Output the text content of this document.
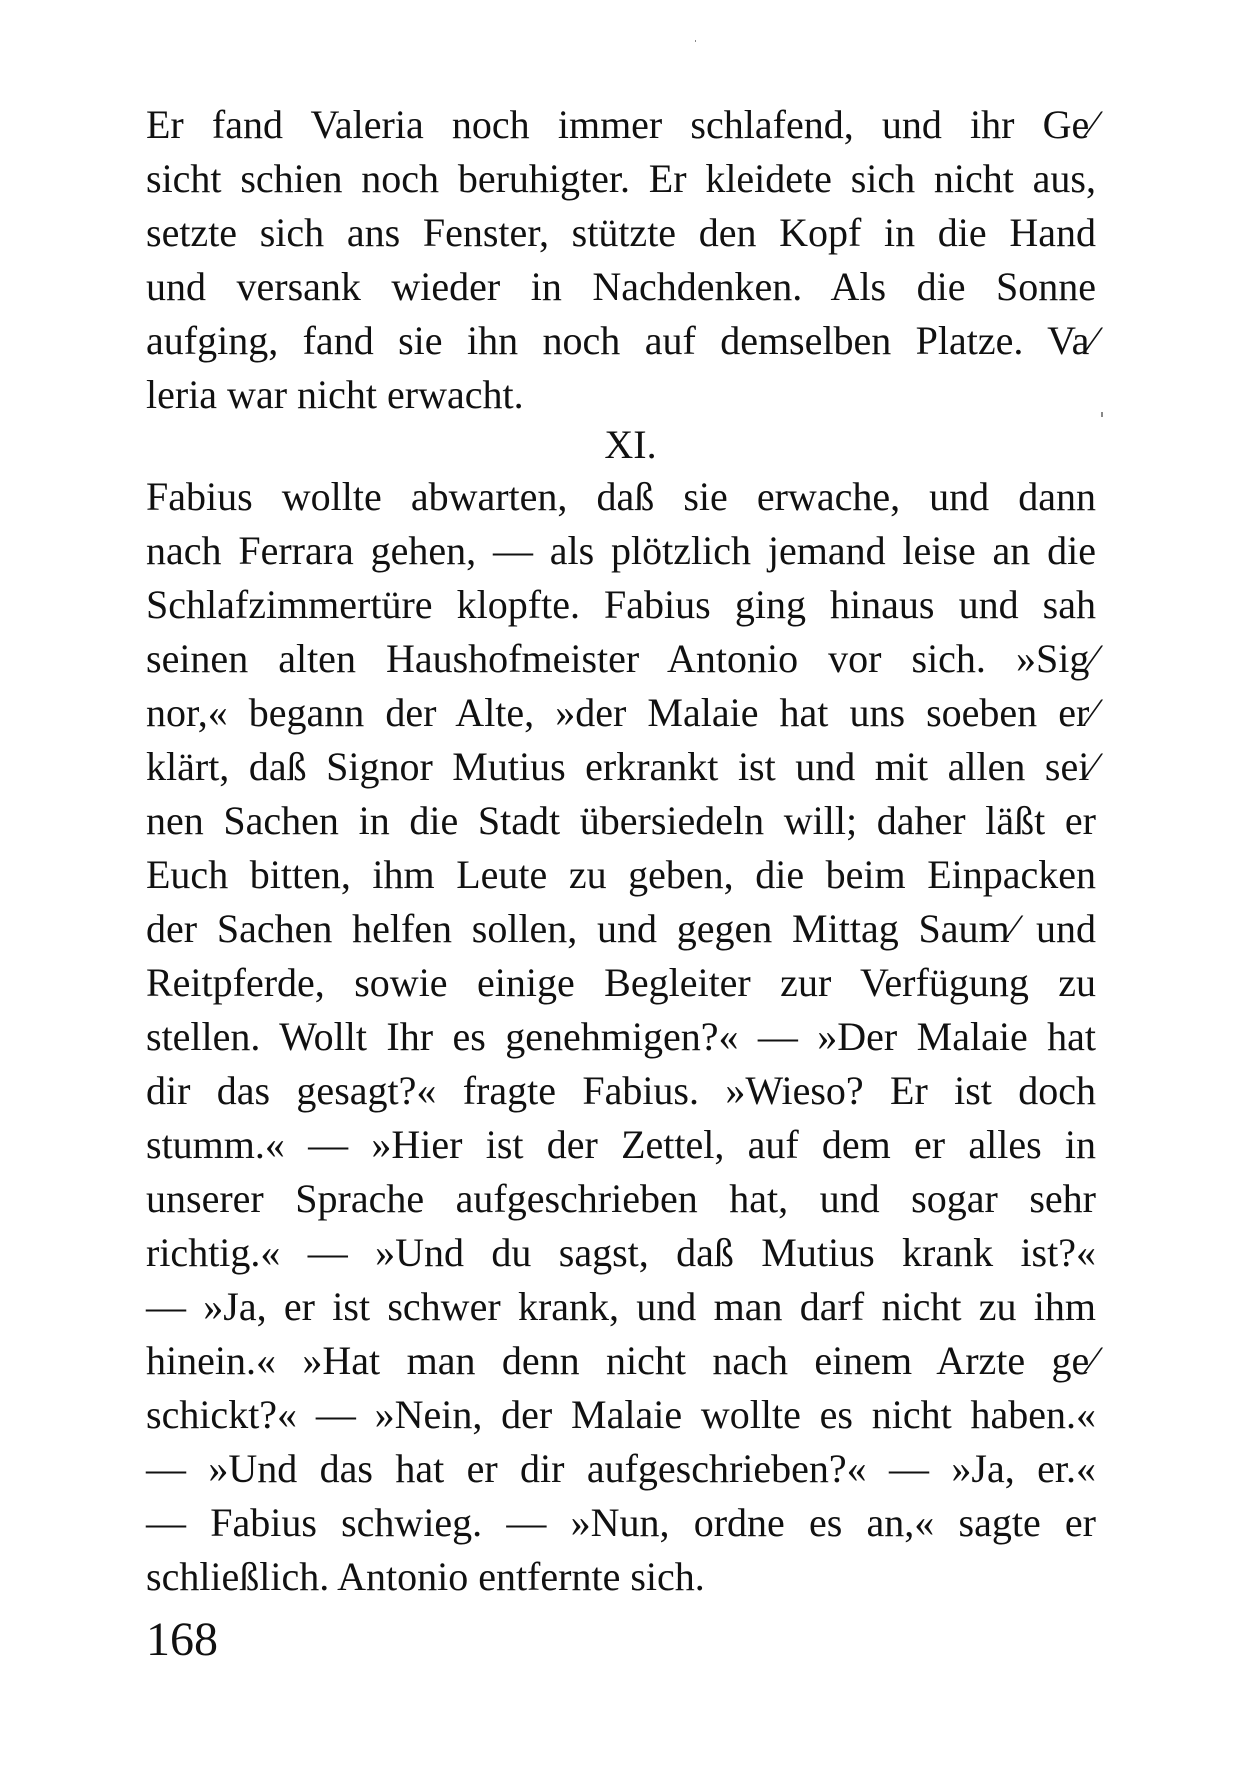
Er fand Valeria noch immer schlafend, und ihr Ge⁄
sicht schien noch beruhigter. Er kleidete sich nicht aus,
setzte sich ans Fenster, stützte den Kopf in die Hand
und versank wieder in Nachdenken. Als die Sonne
aufging, fand sie ihn noch auf demselben Platze. Va⁄
leria war nicht erwacht.
XI.
Fabius wollte abwarten, daß sie erwache, und dann
nach Ferrara gehen, — als plötzlich jemand leise an die
Schlafzimmertüre klopfte. Fabius ging hinaus und sah
seinen alten Haushofmeister Antonio vor sich. »Sig⁄
nor,« begann der Alte, »der Malaie hat uns soeben er⁄
klärt, daß Signor Mutius erkrankt ist und mit allen sei⁄
nen Sachen in die Stadt übersiedeln will; daher läßt er
Euch bitten, ihm Leute zu geben, die beim Einpacken
der Sachen helfen sollen, und gegen Mittag Saum⁄ und
Reitpferde, sowie einige Begleiter zur Verfügung zu
stellen. Wollt Ihr es genehmigen?« — »Der Malaie hat
dir das gesagt?« fragte Fabius. »Wieso? Er ist doch
stumm.« — »Hier ist der Zettel, auf dem er alles in
unserer Sprache aufgeschrieben hat, und sogar sehr
richtig.« — »Und du sagst, daß Mutius krank ist?«
— »Ja, er ist schwer krank, und man darf nicht zu ihm
hinein.« »Hat man denn nicht nach einem Arzte ge⁄
schickt?« — »Nein, der Malaie wollte es nicht haben.«
— »Und das hat er dir aufgeschrieben?« — »Ja, er.«
— Fabius schwieg. — »Nun, ordne es an,« sagte er
schließlich. Antonio entfernte sich.
168
